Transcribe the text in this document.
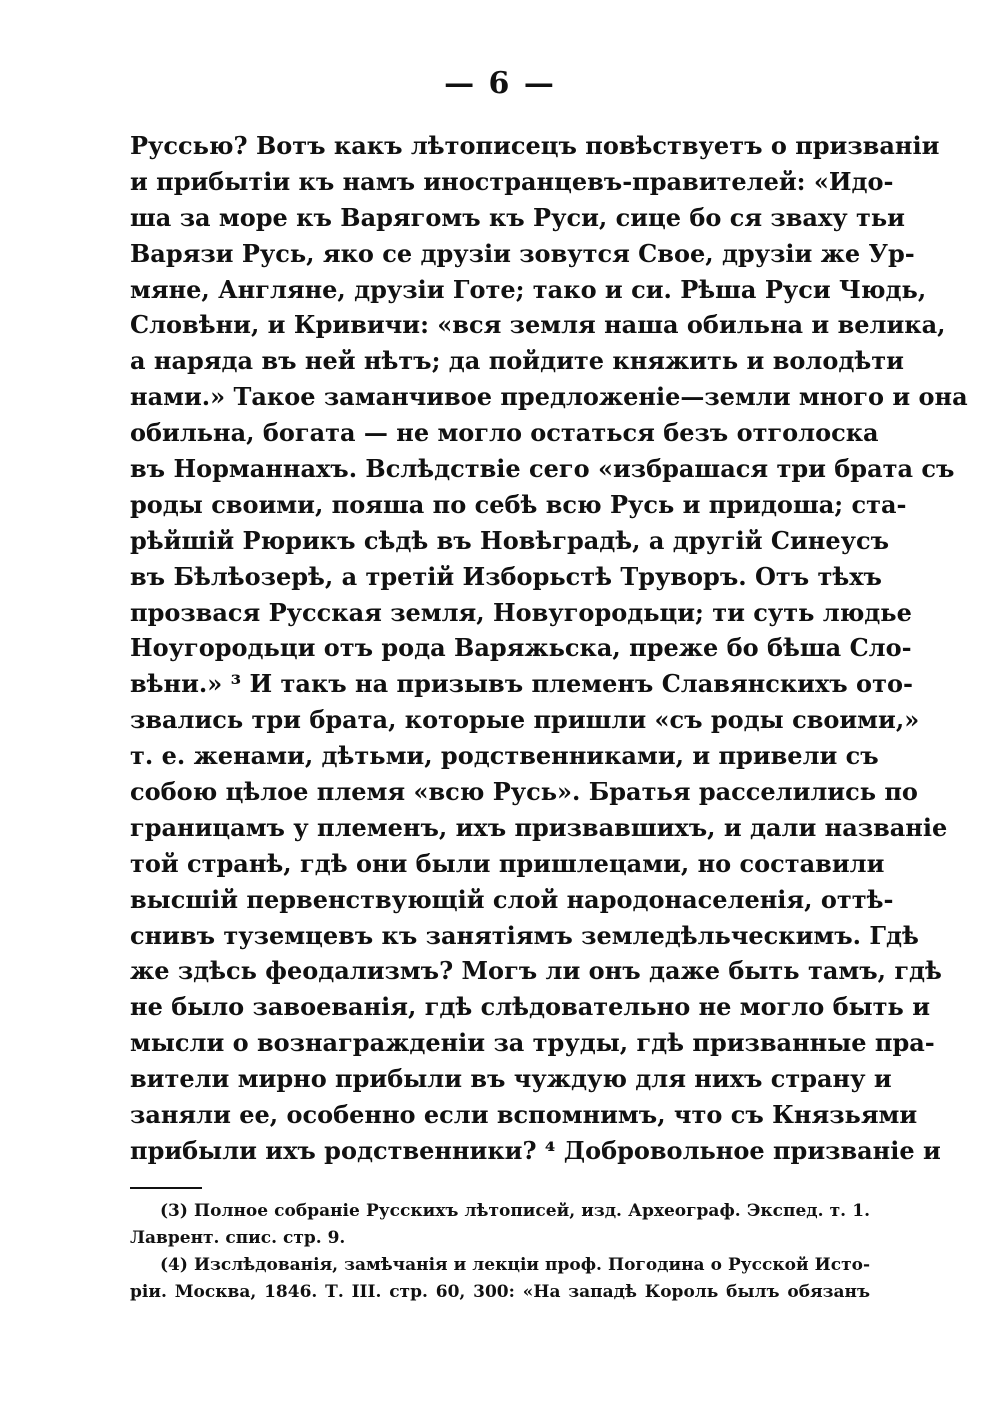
— 6 —
Руссью? Вотъ какъ лѣтописецъ повѣствуетъ о призваніи
и прибытіи къ намъ иностранцевъ-правителей: «Идо-
ша за море къ Варягомъ къ Руси, сице бо ся зваху тьи
Варязи Русь, яко се друзіи зовутся Свое, друзіи же Ур-
мяне, Англяне, друзіи Готе; тако и си. Рѣша Руси Чюдь,
Словѣни, и Кривичи: «вся земля наша обильна и велика,
а наряда въ ней нѣтъ; да пойдите княжить и володѣти
нами.» Такое заманчивое предложеніе—земли много и она
обильна, богата — не могло остаться безъ отголоска
въ Норманнахъ. Вслѣдствіе сего «избрашася три брата съ
роды своими, пояша по себѣ всю Русь и придоша; ста-
рѣйшій Рюрикъ сѣдѣ въ Новѣградѣ, а другій Синеусъ
въ Бѣлѣозерѣ, а третій Изборьстѣ Труворъ. Отъ тѣхъ
прозвася Русская земля, Новугородьци; ти суть людье
Ноугородьци отъ рода Варяжьска, преже бо бѣша Сло-
вѣни.» ³ И такъ на призывъ племенъ Славянскихъ ото-
звались три брата, которые пришли «съ роды своими,»
т. е. женами, дѣтьми, родственниками, и привели съ
собою цѣлое племя «всю Русь». Братья расселились по
границамъ у племенъ, ихъ призвавшихъ, и дали названіе
той странѣ, гдѣ они были пришлецами, но составили
высшій первенствующій слой народонаселенія, оттѣ-
снивъ туземцевъ къ занятіямъ земледѣльческимъ. Гдѣ
же здѣсь феодализмъ? Могъ ли онъ даже быть тамъ, гдѣ
не было завоеванія, гдѣ слѣдовательно не могло быть и
мысли о вознагражденіи за труды, гдѣ призванные пра-
вители мирно прибыли въ чуждую для нихъ страну и
заняли ее, особенно если вспомнимъ, что съ Князьями
прибыли ихъ родственники? ⁴ Добровольное призваніе и
(3) Полное собраніе Русскихъ лѣтописей, изд. Археограф. Экспед. т. 1.
Лаврент. спис. стр. 9.
(4) Изслѣдованія, замѣчанія и лекціи проф. Погодина о Русской Исто-
ріи. Москва, 1846. Т. III. стр. 60, 300: «На западѣ Король былъ обязанъ
